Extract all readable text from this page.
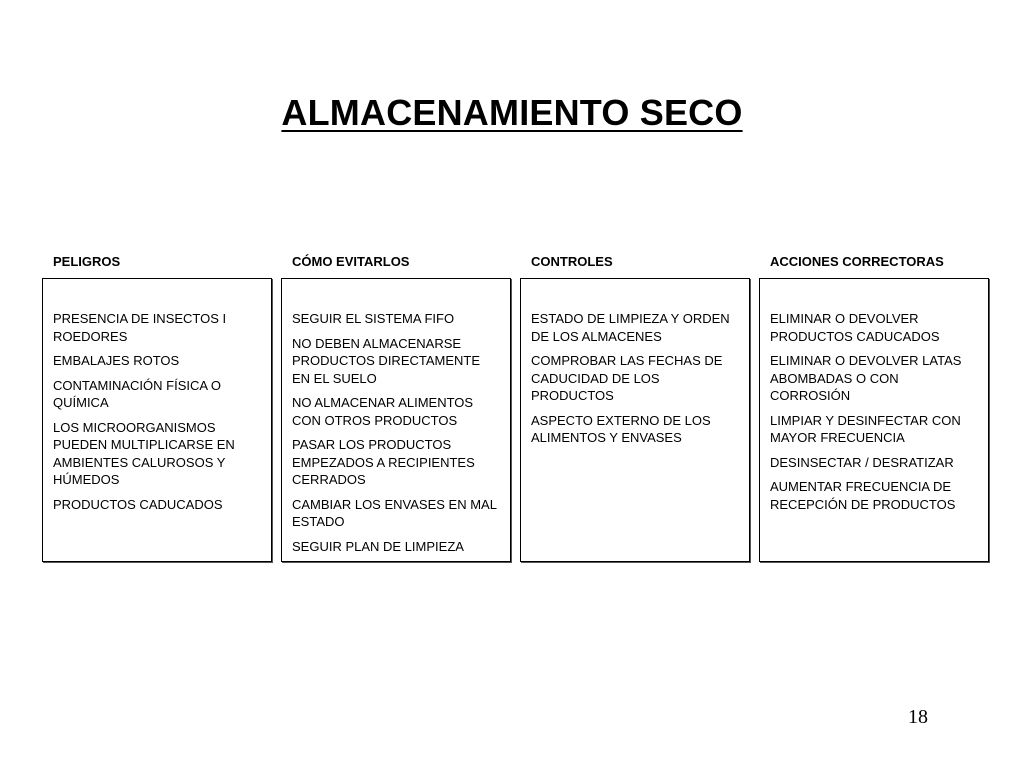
ALMACENAMIENTO SECO
PELIGROS
PRESENCIA DE INSECTOS I ROEDORES
EMBALAJES ROTOS
CONTAMINACIÓN FÍSICA O QUÍMICA
LOS MICROORGANISMOS PUEDEN MULTIPLICARSE EN AMBIENTES CALUROSOS Y HÚMEDOS
PRODUCTOS CADUCADOS
CÓMO EVITARLOS
SEGUIR EL SISTEMA FIFO
NO DEBEN ALMACENARSE PRODUCTOS DIRECTAMENTE EN EL SUELO
NO ALMACENAR ALIMENTOS CON OTROS PRODUCTOS
PASAR LOS PRODUCTOS EMPEZADOS A RECIPIENTES CERRADOS
CAMBIAR LOS ENVASES EN MAL ESTADO
SEGUIR PLAN DE LIMPIEZA
CONTROLES
ESTADO DE LIMPIEZA Y ORDEN DE LOS ALMACENES
COMPROBAR LAS FECHAS DE CADUCIDAD DE LOS PRODUCTOS
ASPECTO EXTERNO DE LOS ALIMENTOS Y ENVASES
ACCIONES CORRECTORAS
ELIMINAR O DEVOLVER PRODUCTOS CADUCADOS
ELIMINAR O DEVOLVER LATAS ABOMBADAS O CON CORROSIÓN
LIMPIAR Y DESINFECTAR CON MAYOR FRECUENCIA
DESINSECTAR / DESRATIZAR
AUMENTAR FRECUENCIA DE RECEPCIÓN DE PRODUCTOS
18
